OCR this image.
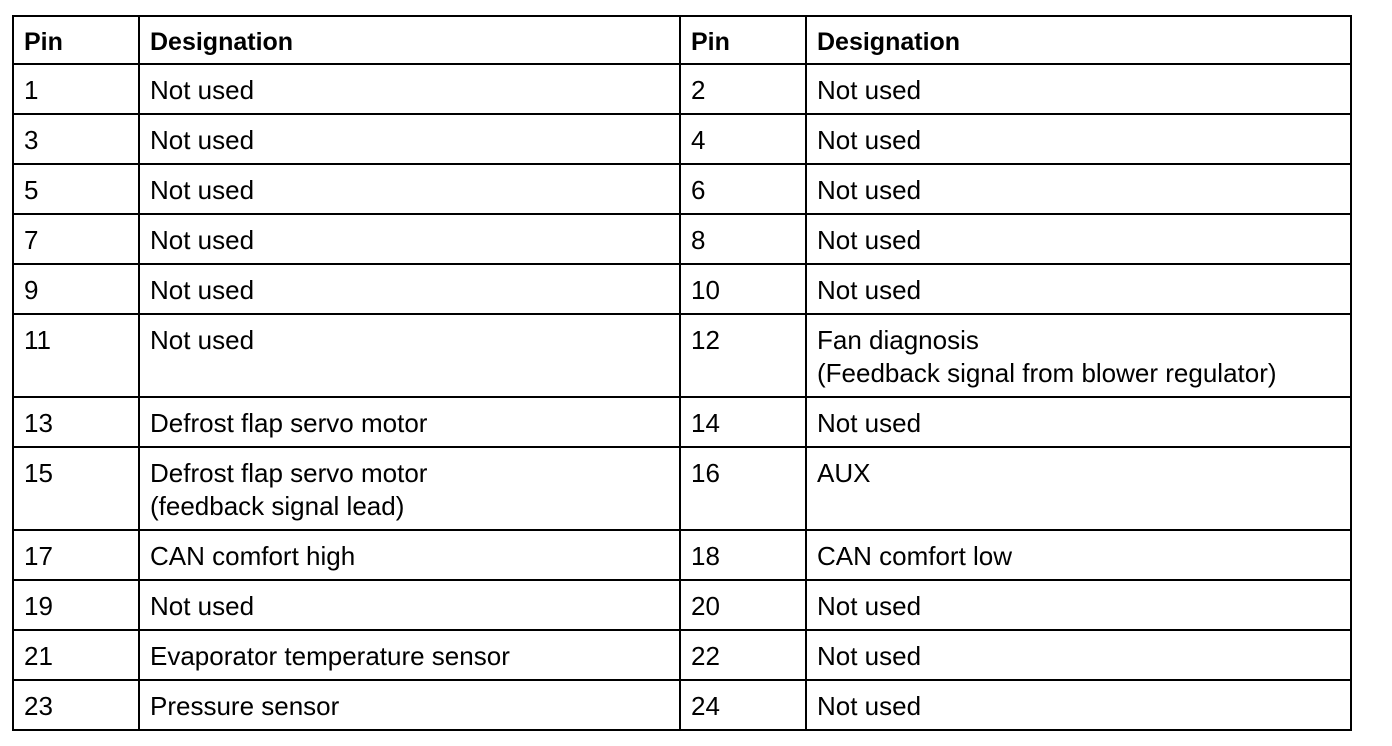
Pin	Designation	Pin	Designation
1	Not used	2	Not used

3	Not used	4	Not used

5	Not used	6	Not used

7	Not used	8	Not used

9	Not used	10	Not used

11	Not used	12	Fan diagnosis
(Feedback signal from blower regulator)

13	Defrost flap servo motor	14	Not used

15	Defrost flap servo motor
(feedback signal lead)	16	AUX

17	CAN comfort high	18	CAN comfort low

19	Not used	20	Not used

21	Evaporator temperature sensor	22	Not used

23	Pressure sensor	24	Not used
